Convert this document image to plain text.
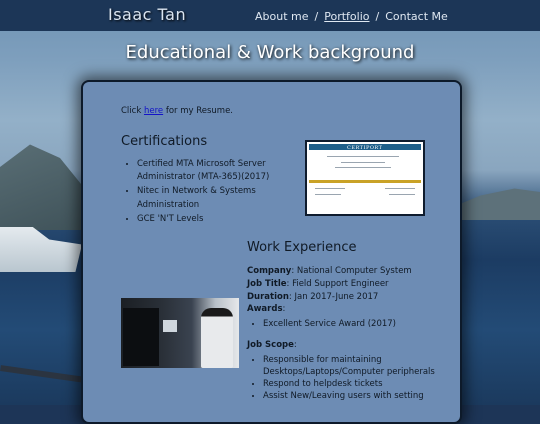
Isaac Tan	About me / Portfolio / Contact Me
Educational & Work background
Click here for my Resume.
Certifications
• Certified MTA Microsoft Server Administrator (MTA-365)(2017)
• Nitec in Network & Systems Administration
• GCE 'N'T Levels
CERTIPORT
Work Experience
Company: National Computer System
Job Title: Field Support Engineer
Duration: Jan 2017-June 2017
Awards:
• Excellent Service Award (2017)
Job Scope:
• Responsible for maintaining Desktops/Laptops/Computer peripherals
• Respond to helpdesk tickets
• Assist New/Leaving users with setting
